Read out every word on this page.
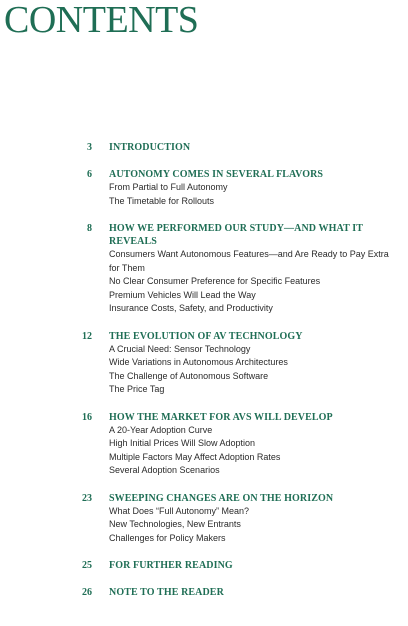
CONTENTS
3 INTRODUCTION
6 AUTONOMY COMES IN SEVERAL FLAVORS
From Partial to Full Autonomy
The Timetable for Rollouts
8 HOW WE PERFORMED OUR STUDY—AND WHAT IT REVEALS
Consumers Want Autonomous Features—and Are Ready to Pay Extra for Them
No Clear Consumer Preference for Specific Features
Premium Vehicles Will Lead the Way
Insurance Costs, Safety, and Productivity
12 THE EVOLUTION OF AV TECHNOLOGY
A Crucial Need: Sensor Technology
Wide Variations in Autonomous Architectures
The Challenge of Autonomous Software
The Price Tag
16 HOW THE MARKET FOR AVS WILL DEVELOP
A 20-Year Adoption Curve
High Initial Prices Will Slow Adoption
Multiple Factors May Affect Adoption Rates
Several Adoption Scenarios
23 SWEEPING CHANGES ARE ON THE HORIZON
What Does “Full Autonomy” Mean?
New Technologies, New Entrants
Challenges for Policy Makers
25 FOR FURTHER READING
26 NOTE TO THE READER
